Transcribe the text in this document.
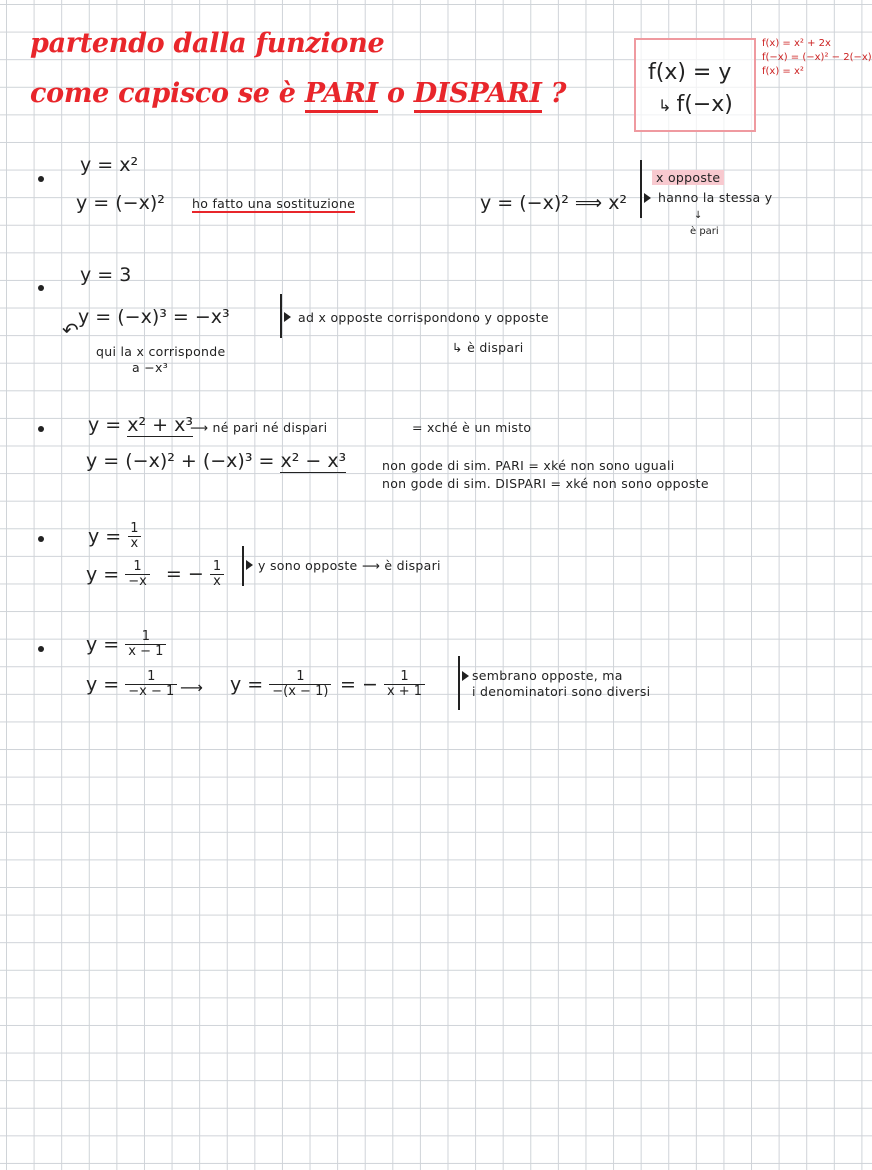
partendo dalla funzione
come capisco se è PARI o DISPARI ?
f(x) = y
↳ f(−x)
f(x) = x² + 2x
f(−x) = (−x)² − 2(−x)
f(x) = x²
y = x²
y = (−x)² ho fatto una sostituzione	y = (−x)² ⟹ x²
x opposte
hanno la stessa y
↓
è pari
y = 3
y = (−x)³ = −x³
↶
qui la x corrisponde
a −x³
ad x opposte corrispondono y opposte
↳ è dispari
y = x² + x³
⟶ né pari né dispari	= xché è un misto
y = (−x)² + (−x)³ = x² − x³	non gode di sim. PARI = xké non sono uguali
non gode di sim. DISPARI = xké non sono opposte
$y = \frac{1}{x}$
$y = \frac{1}{-x}$ = − $\frac{1}{x}$	y sono opposte ⟶ è dispari
$y = \frac{1}{x - 1}$
$y = \frac{1}{-x - 1}$ ⟶ $y = \frac{1}{-(x - 1)}$ = − $\frac{1}{x + 1}$	sembrano opposte, ma
i denominatori sono diversi
